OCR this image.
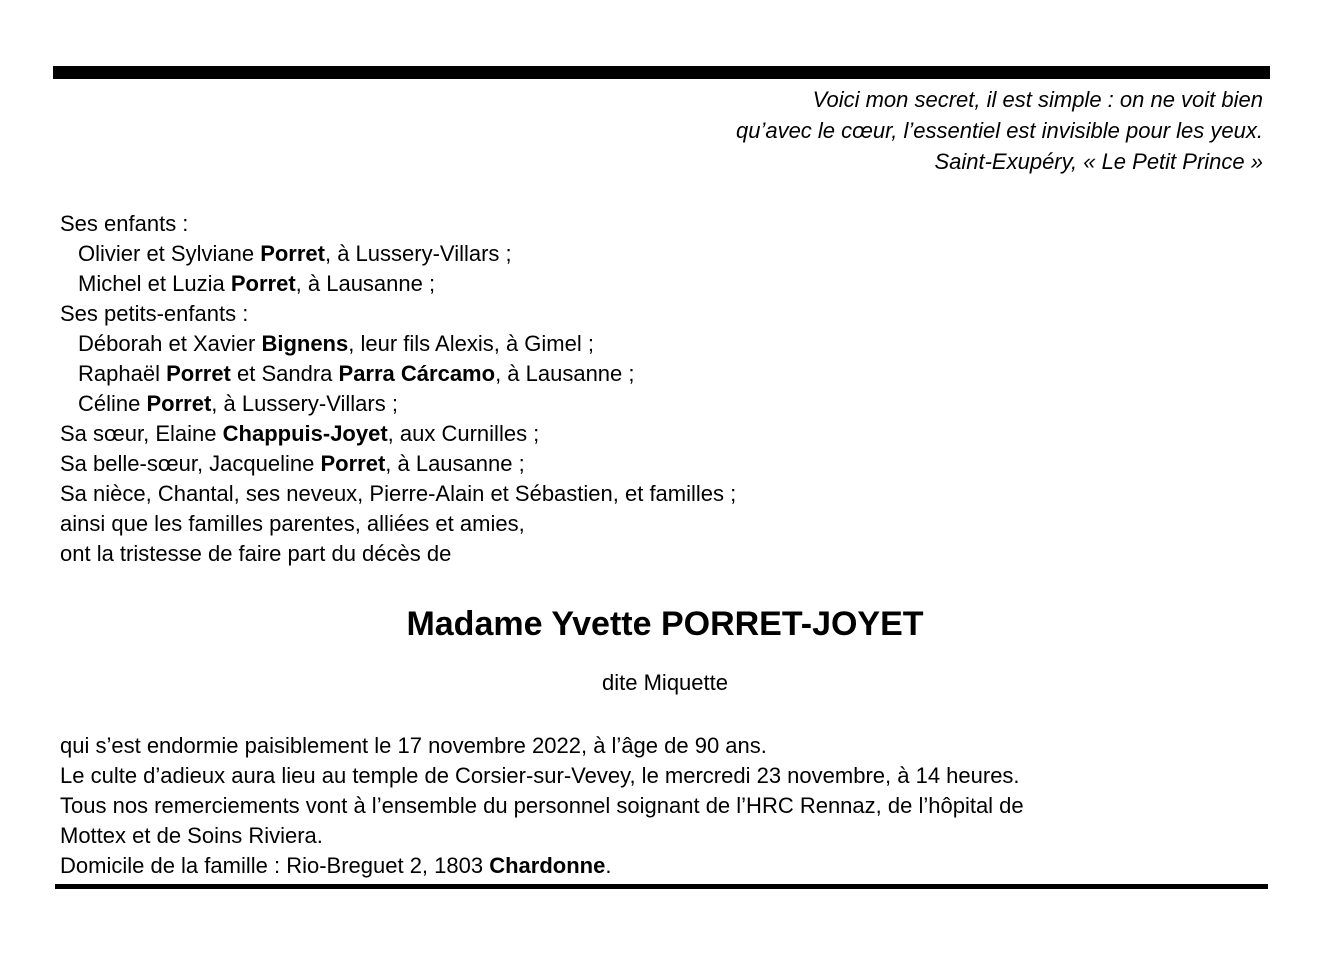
Voici mon secret, il est simple : on ne voit bien
qu’avec le cœur, l’essentiel est invisible pour les yeux.
Saint-Exupéry, « Le Petit Prince »
Ses enfants :
Olivier et Sylviane Porret, à Lussery-Villars ;
Michel et Luzia Porret, à Lausanne ;
Ses petits-enfants :
Déborah et Xavier Bignens, leur fils Alexis, à Gimel ;
Raphaël Porret et Sandra Parra Cárcamo, à Lausanne ;
Céline Porret, à Lussery-Villars ;
Sa sœur, Elaine Chappuis-Joyet, aux Curnilles ;
Sa belle-sœur, Jacqueline Porret, à Lausanne ;
Sa nièce, Chantal, ses neveux, Pierre-Alain et Sébastien, et familles ;
ainsi que les familles parentes, alliées et amies,
ont la tristesse de faire part du décès de
Madame Yvette PORRET-JOYET
dite Miquette
qui s’est endormie paisiblement le 17 novembre 2022, à l’âge de 90 ans.
Le culte d’adieux aura lieu au temple de Corsier-sur-Vevey, le mercredi 23 novembre, à 14 heures.
Tous nos remerciements vont à l’ensemble du personnel soignant de l’HRC Rennaz, de l’hôpital de
Mottex et de Soins Riviera.
Domicile de la famille : Rio-Breguet 2, 1803 Chardonne.
